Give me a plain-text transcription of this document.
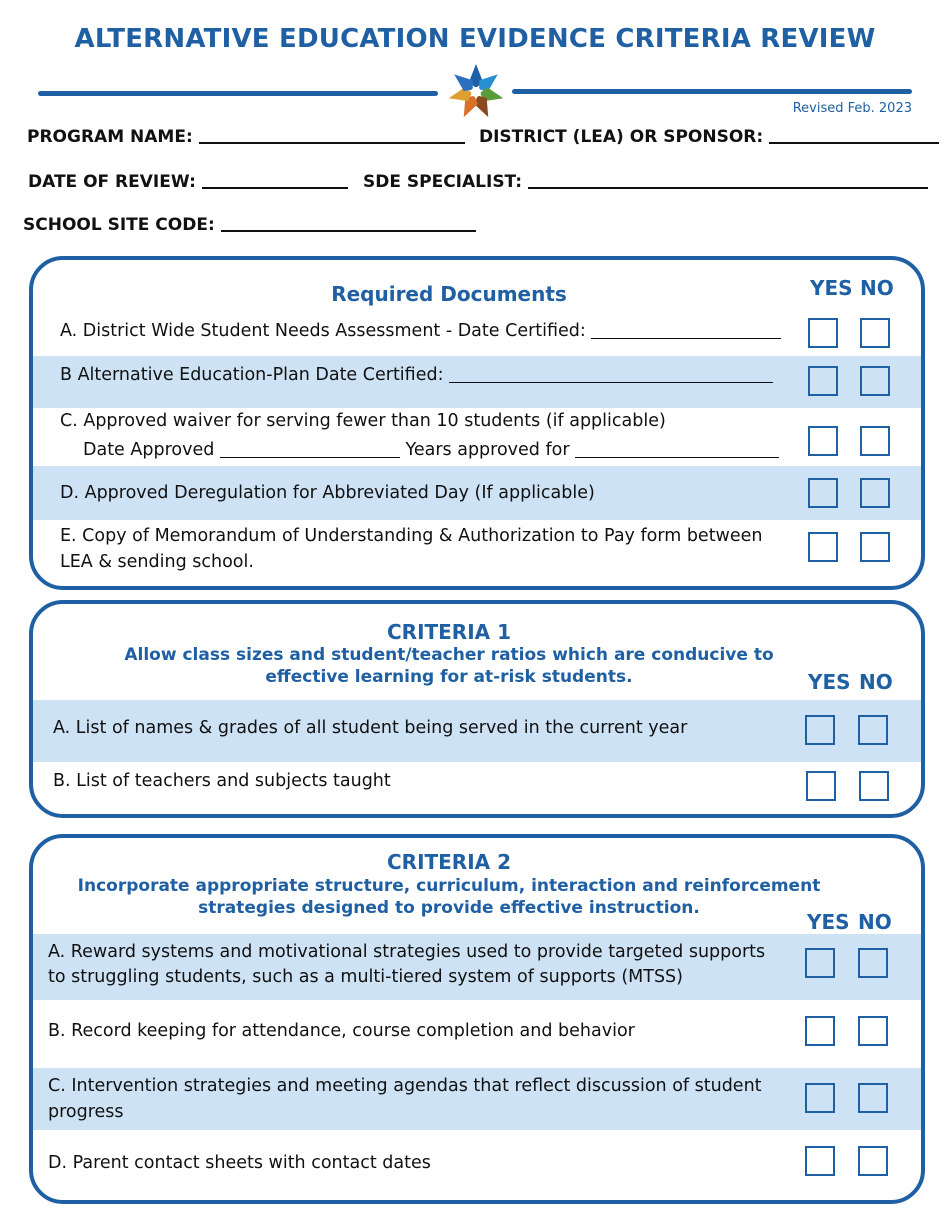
ALTERNATIVE EDUCATION EVIDENCE CRITERIA REVIEW
Revised Feb. 2023
PROGRAM NAME:	DISTRICT (LEA) OR SPONSOR:
DATE OF REVIEW:	SDE SPECIALIST:
SCHOOL SITE CODE:
Required Documents	YES NO
A. District Wide Student Needs Assessment - Date Certified:
B Alternative Education-Plan Date Certified:
C. Approved waiver for serving fewer than 10 students (if applicable)
Date Approved	Years approved for
D. Approved Deregulation for Abbreviated Day (If applicable)
E. Copy of Memorandum of Understanding & Authorization to Pay form between
LEA & sending school.
CRITERIA 1
Allow class sizes and student/teacher ratios which are conducive to
effective learning for at-risk students.	YES NO
A. List of names & grades of all student being served in the current year
B. List of teachers and subjects taught
CRITERIA 2
Incorporate appropriate structure, curriculum, interaction and reinforcement
strategies designed to provide effective instruction.
YES NO
A. Reward systems and motivational strategies used to provide targeted supports
to struggling students, such as a multi-tiered system of supports (MTSS)
B. Record keeping for attendance, course completion and behavior
C. Intervention strategies and meeting agendas that reflect discussion of student
progress
D. Parent contact sheets with contact dates
